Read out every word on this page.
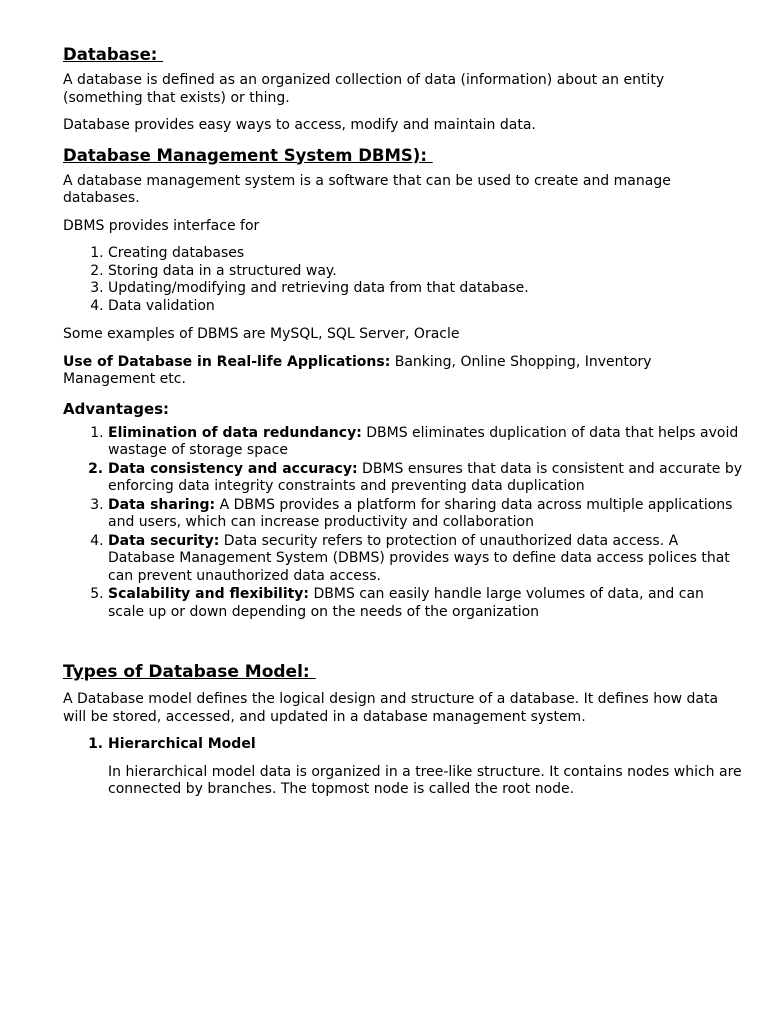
Database:

A database is defined as an organized collection of data (information) about an entity (something that exists) or thing.

Database provides easy ways to access, modify and maintain data.

Database Management System DBMS):

A database management system is a software that can be used to create and manage databases.

DBMS provides interface for

1. Creating databases
2. Storing data in a structured way.
3. Updating/modifying and retrieving data from that database.
4. Data validation

Some examples of DBMS are MySQL, SQL Server, Oracle

Use of Database in Real-life Applications: Banking, Online Shopping, Inventory Management etc.

Advantages:
1. Elimination of data redundancy: DBMS eliminates duplication of data that helps avoid wastage of storage space
2. Data consistency and accuracy: DBMS ensures that data is consistent and accurate by enforcing data integrity constraints and preventing data duplication
3. Data sharing: A DBMS provides a platform for sharing data across multiple applications and users, which can increase productivity and collaboration
4. Data security: Data security refers to protection of unauthorized data access. A Database Management System (DBMS) provides ways to define data access polices that can prevent unauthorized data access.
5. Scalability and flexibility: DBMS can easily handle large volumes of data, and can scale up or down depending on the needs of the organization
Types of Database Model:

A Database model defines the logical design and structure of a database. It defines how data will be stored, accessed, and updated in a database management system.

1. Hierarchical Model

In hierarchical model data is organized in a tree-like structure. It contains nodes which are connected by branches. The topmost node is called the root node.
